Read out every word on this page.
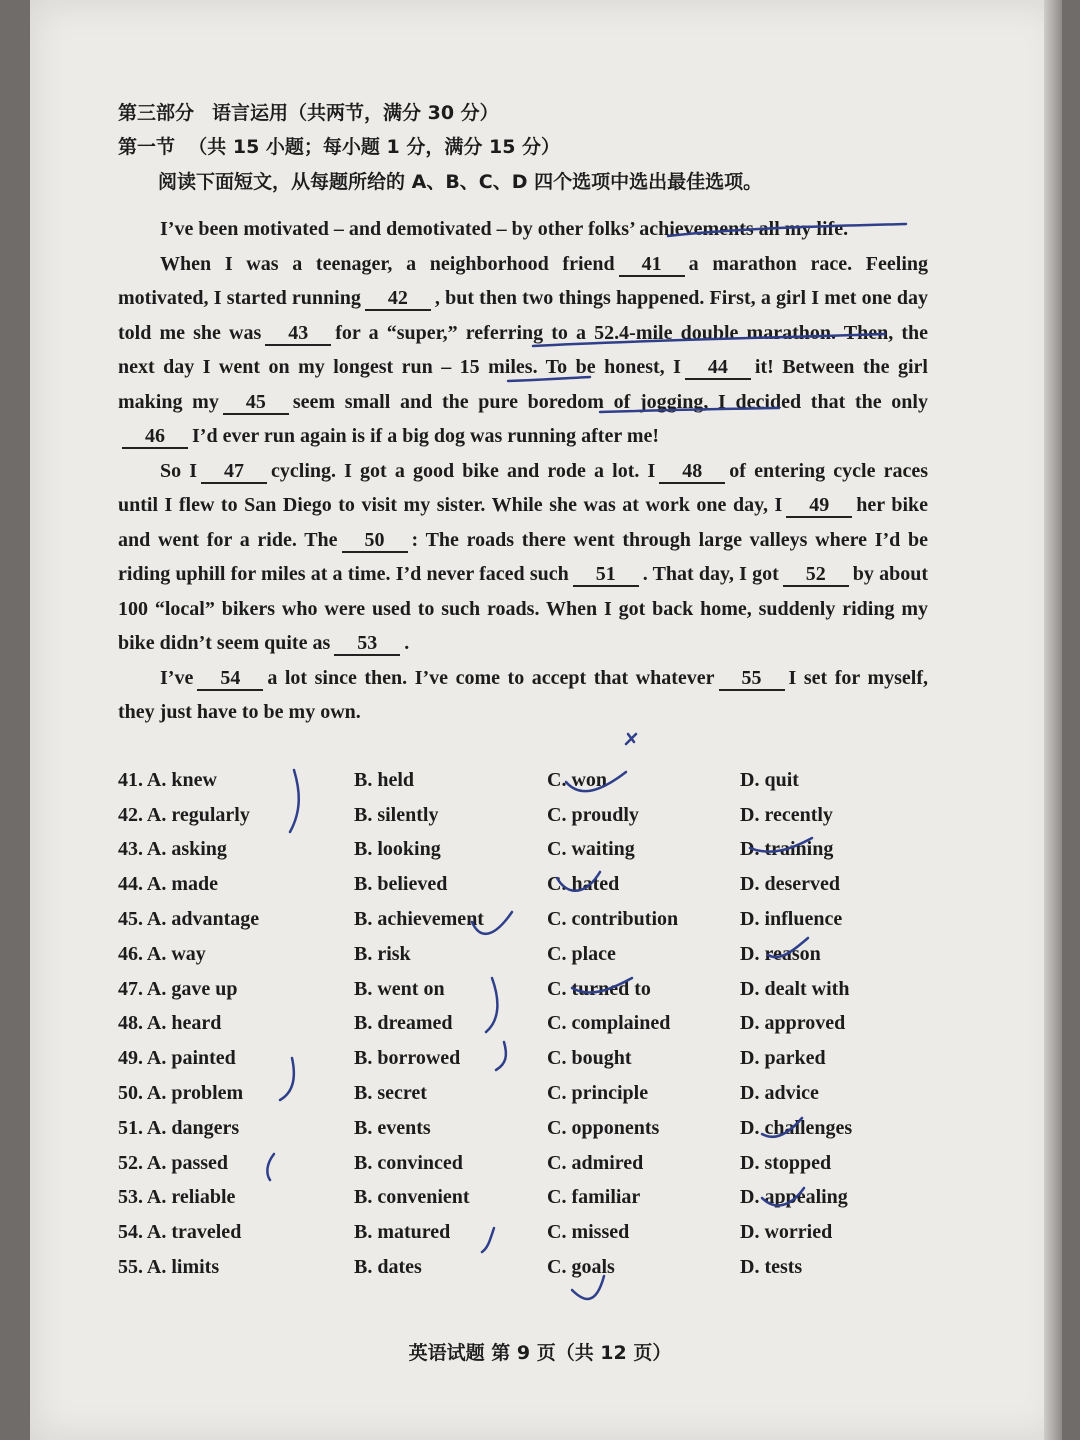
第三部分 语言运用（共两节，满分 30 分）
第一节 （共 15 小题；每小题 1 分，满分 15 分）
阅读下面短文，从每题所给的 A、B、C、D 四个选项中选出最佳选项。

I’ve been motivated – and demotivated – by other folks’ achievements all my life.

When I was a teenager, a neighborhood friend 41 a marathon race. Feeling motivated, I started running 42 , but then two things happened. First, a girl I met one day told me she was 43 for a “super,” referring to a 52.4-mile double marathon. Then, the next day I went on my longest run – 15 miles. To be honest, I 44 it! Between the girl making my 45 seem small and the pure boredom of jogging, I decided that the only46 I’d ever run again is if a big dog was running after me!

So I 47 cycling. I got a good bike and rode a lot. I 48 of entering cycle races until I flew to San Diego to visit my sister. While she was at work one day, I 49 her bike and went for a ride. The 50 : The roads there went through large valleys where I’d be riding uphill for miles at a time. I’d never faced such 51 . That day, I got 52 by about 100 “local” bikers who were used to such roads. When I got back home, suddenly riding my bike didn’t seem quite as 53 .

I’ve 54 a lot since then. I’ve come to accept that whatever 55 I set for myself, they just have to be my own.

41. A. knew	B. held	C. won	D. quit
42. A. regularly	B. silently	C. proudly	D. recently
43. A. asking	B. looking	C. waiting	D. training
44. A. made	B. believed	C. hated	D. deserved
45. A. advantage	B. achievement	C. contribution	D. influence
46. A. way	B. risk	C. place	D. reason
47. A. gave up	B. went on	C. turned to	D. dealt with
48. A. heard	B. dreamed	C. complained	D. approved
49. A. painted	B. borrowed	C. bought	D. parked
50. A. problem	B. secret	C. principle	D. advice
51. A. dangers	B. events	C. opponents	D. challenges
52. A. passed	B. convinced	C. admired	D. stopped
53. A. reliable	B. convenient	C. familiar	D. appealing
54. A. traveled	B. matured	C. missed	D. worried
55. A. limits	B. dates	C. goals	D. tests
英语试题 第 9 页（共 12 页）
